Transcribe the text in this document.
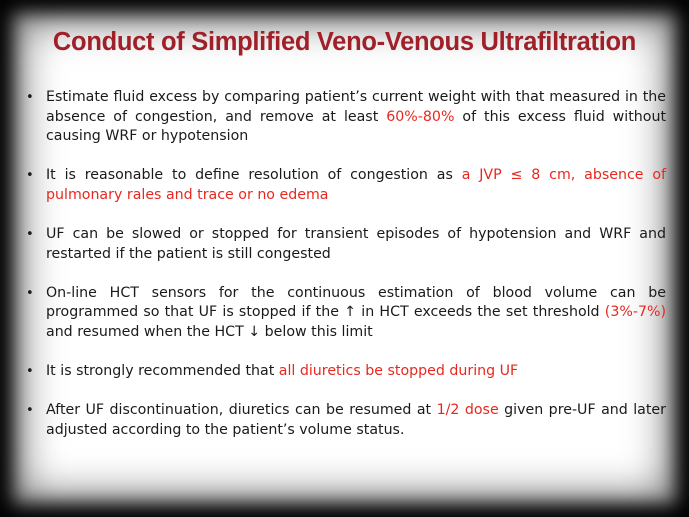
Conduct of Simplified Veno-Venous Ultrafiltration
• Estimate fluid excess by comparing patient’s current weight with that measured in the absence of congestion, and remove at least 60%-80% of this excess fluid without causing WRF or hypotension
• It is reasonable to define resolution of congestion as a JVP ≤ 8 cm, absence of pulmonary rales and trace or no edema
• UF can be slowed or stopped for transient episodes of hypotension and WRF and restarted if the patient is still congested
• On-line HCT sensors for the continuous estimation of blood volume can be programmed so that UF is stopped if the ↑ in HCT exceeds the set threshold (3%-7%) and resumed when the HCT ↓ below this limit
• It is strongly recommended that all diuretics be stopped during UF
• After UF discontinuation, diuretics can be resumed at 1/2 dose given pre-UF and later adjusted according to the patient’s volume status.
